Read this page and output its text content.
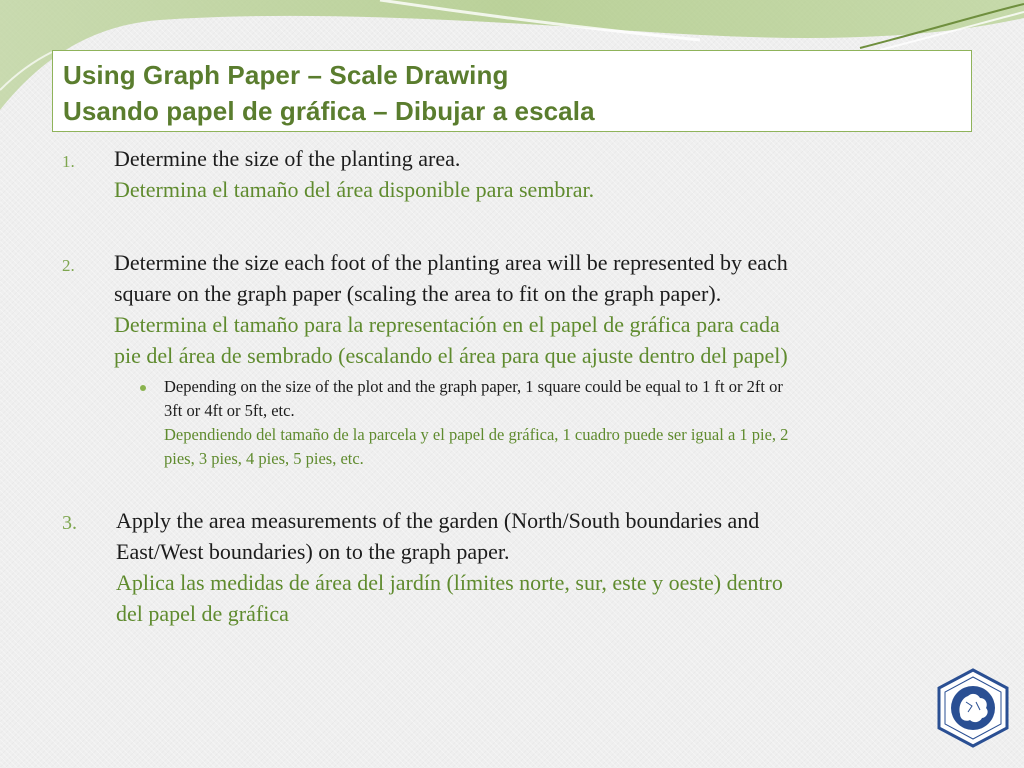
Using Graph Paper – Scale Drawing
Usando papel de gráfica – Dibujar a escala
1. Determine the size of the planting area.
Determina el tamaño del área disponible para sembrar.
2. Determine the size each foot of the planting area will be represented by each
square on the graph paper (scaling the area to fit on the graph paper).
Determina el tamaño para la representación en el papel de gráfica para cada
pie del área de sembrado (escalando el área para que ajuste dentro del papel)
Depending on the size of the plot and the graph paper, 1 square could be equal to 1 ft or 2ft or
3ft or 4ft or 5ft, etc.
Dependiendo del tamaño de la parcela y el papel de gráfica, 1 cuadro puede ser igual a 1 pie, 2
pies, 3 pies, 4 pies, 5 pies, etc.
3. Apply the area measurements of the garden (North/South boundaries and
East/West boundaries) on to the graph paper.
Aplica las medidas de área del jardín (límites norte, sur, este y oeste) dentro
del papel de gráfica
